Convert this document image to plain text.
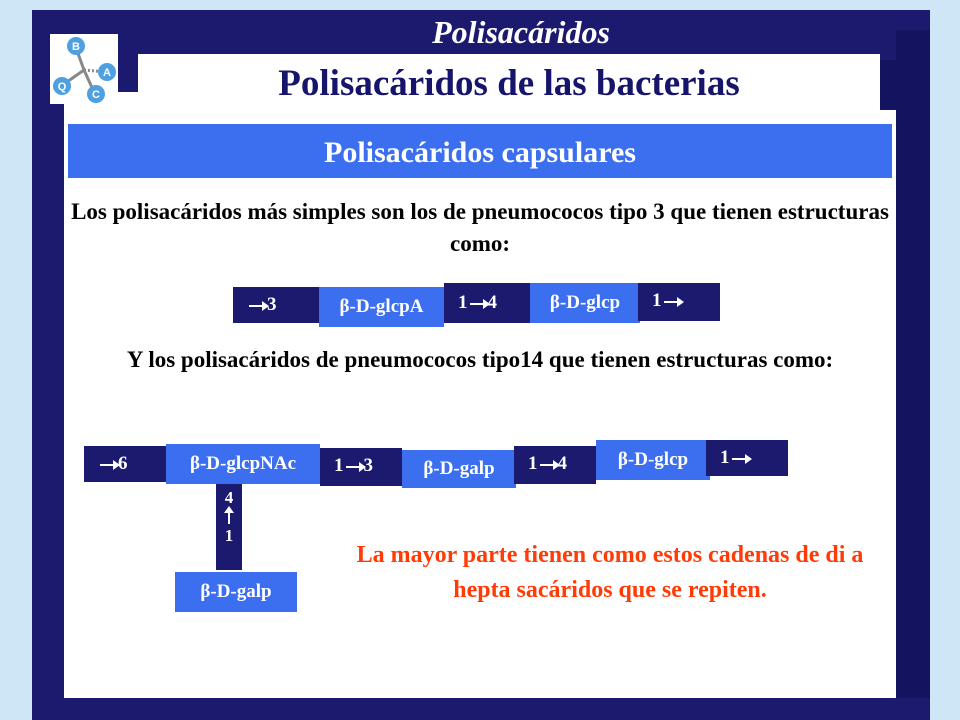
Polisacáridos
Polisacáridos de las bacterias
B
A
C
Q
Polisacáridos capsulares
Los polisacáridos más simples son los de pneumococos tipo 3 que tienen estructuras como:
3	β-D-glcpA	1 4	β-D-glcp	1
Y los polisacáridos de pneumococos tipo14 que tienen estructuras como:
6	β-D-glcpNAc	1 3	β-D-galp	1 4	β-D-glcp	1
4
1
β-D-galp
La mayor parte tienen como estos cadenas de di a hepta sacáridos que se repiten.
